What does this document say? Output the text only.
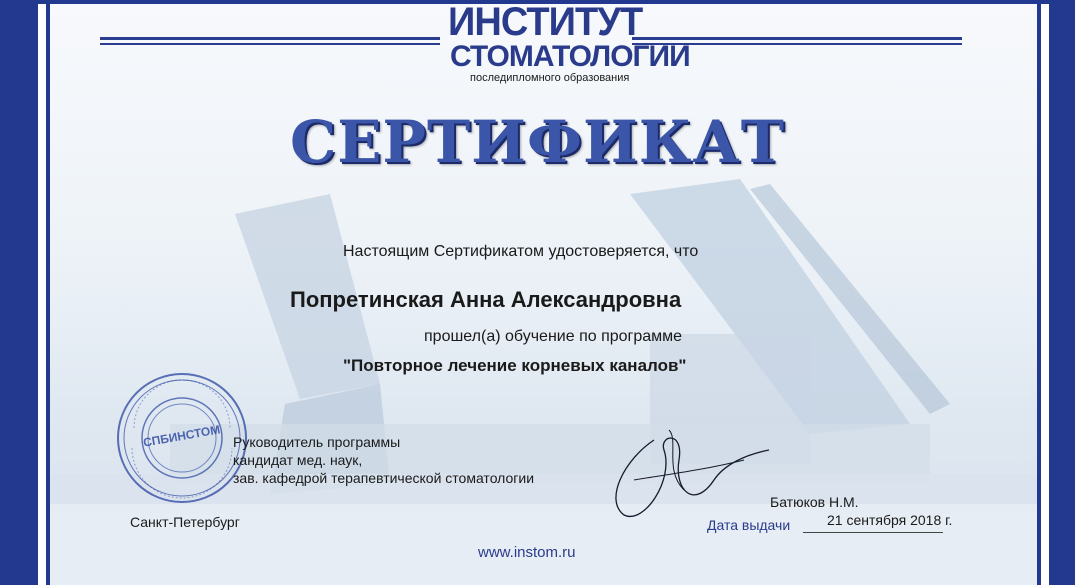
ИНСТИТУТ
СТОМАТОЛОГИИ
последипломного образования
СЕРТИФИКАТ
Настоящим Сертификатом удостоверяется, что
Попретинская Анна Александровна
прошел(а) обучение по программе
"Повторное лечение корневых каналов"
СПБИНСТОМ Руководитель программы
кандидат мед. наук,
зав. кафедрой терапевтической стоматологии
Батюков Н.М.
Санкт-Петербург	Дата выдачи	21 сентября 2018 г.
www.instom.ru
